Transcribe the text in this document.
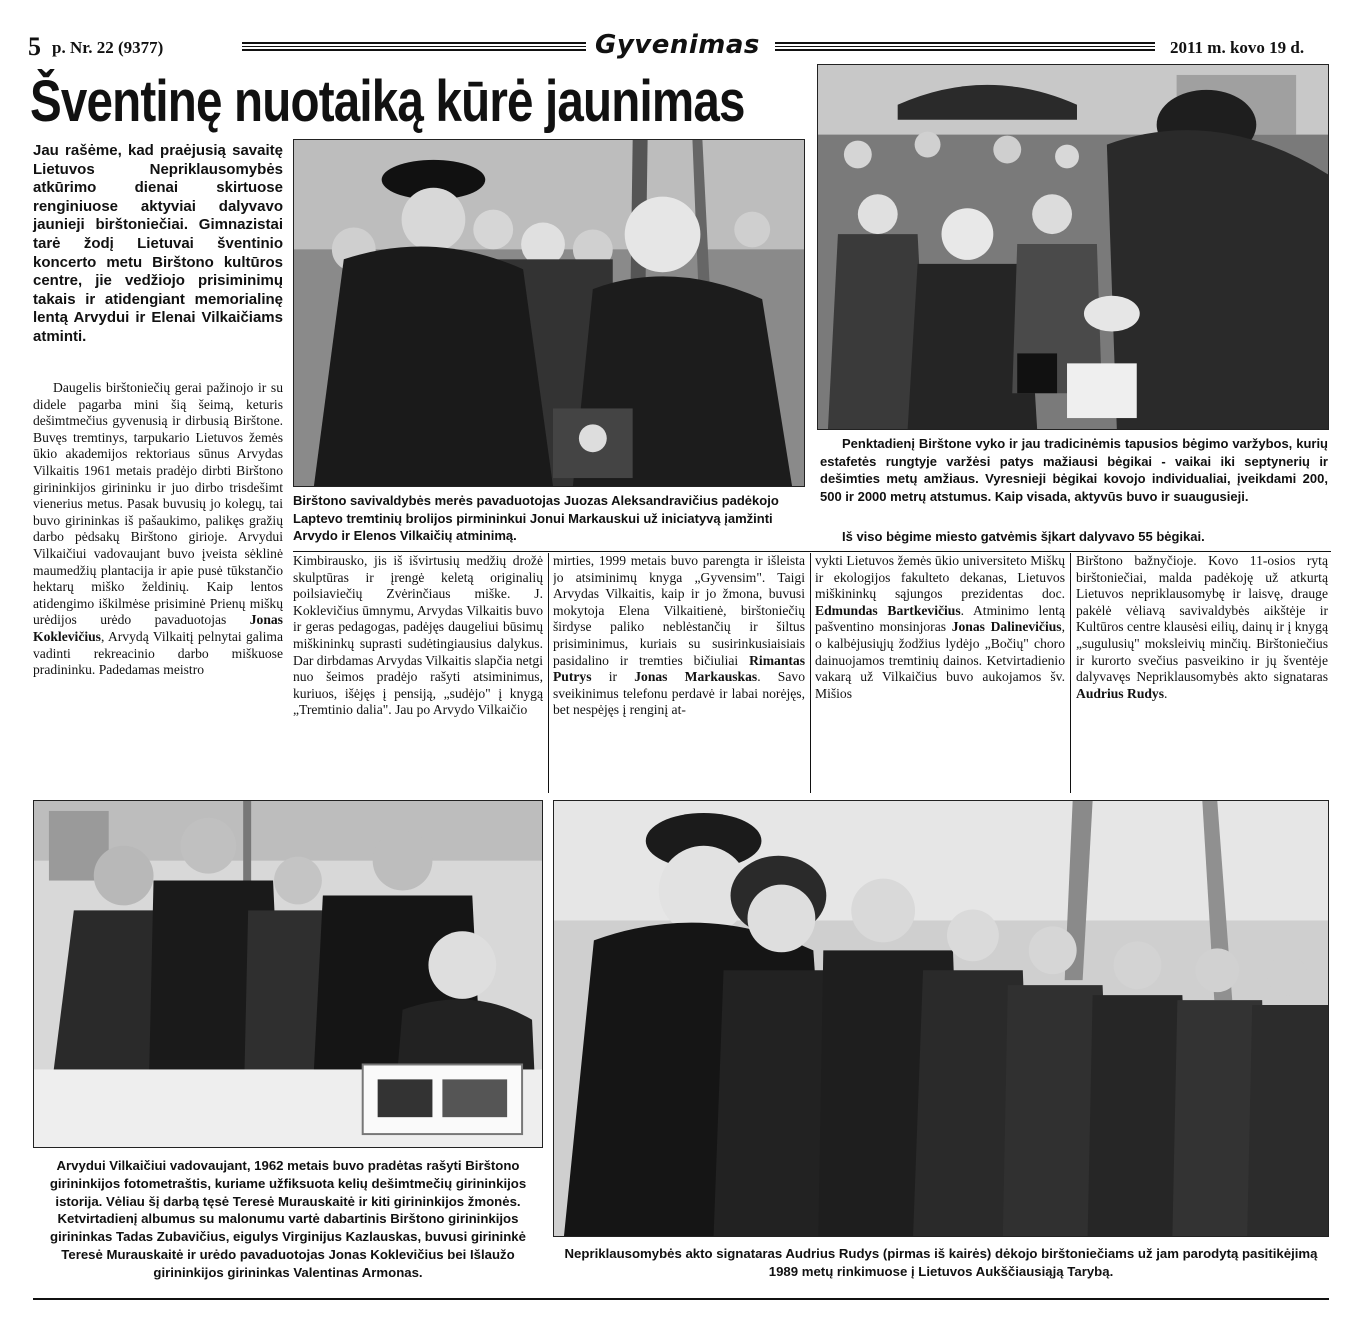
5 p. Nr. 22 (9377)	Gyvenimas	2011 m. kovo 19 d.
Šventinę nuotaiką kūrė jaunimas
Jau rašėme, kad praėjusią savaitę Lietuvos Nepriklausomybės atkūrimo dienai skirtuose renginiuose aktyviai dalyvavo jaunieji birštoniečiai. Gimnazistai tarė žodį Lietuvai šventinio koncerto metu Birštono kultūros centre, jie vedžiojo prisiminimų takais ir atidengiant memorialinę lentą Arvydui ir Elenai Vilkaičiams atminti.
Daugelis birštoniečių gerai pažinojo ir su didele pagarba mini šią šeimą, keturis dešimtmečius gyvenusią ir dirbusią Birštone. Buvęs tremtinys, tarpukario Lietuvos žemės ūkio akademijos rektoriaus sūnus Arvydas Vilkaitis 1961 metais pradėjo dirbti Birštono girininkijos girininku ir juo dirbo trisdešimt vienerius metus. Pasak buvusių jo kolegų, tai buvo girininkas iš pašaukimo, palikęs gražių darbo pėdsakų Birštono girioje. Arvydui Vilkaičiui vadovaujant buvo įveista sėklinė maumedžių plantacija ir apie pusė tūkstančio hektarų miško želdinių. Kaip lentos atidengimo iškilmėse prisiminė Prienų miškų urėdijos urėdo pavaduotojas Jonas Koklevičius, Arvydą Vilkaitį pelnytai galima vadinti rekreacinio darbo miškuose pradininku. Padedamas meistro
Birštono savivaldybės merės pavaduotojas Juozas Aleksandravičius padėkojo Laptevo tremtinių brolijos pirmininkui Jonui Markauskui už iniciatyvą įamžinti Arvydo ir Elenos Vilkaičių atminimą.
Penktadienį Birštone vyko ir jau tradicinėmis tapusios bėgimo varžybos, kurių estafetės rungtyje varžėsi patys mažiausi bėgikai - vaikai iki septynerių ir dešimties metų amžiaus. Vyresnieji bėgikai kovojo individualiai, įveikdami 200, 500 ir 2000 metrų atstumus. Kaip visada, aktyvūs buvo ir suaugusieji.
Iš viso bėgime miesto gatvėmis šįkart dalyvavo 55 bėgikai.
Kimbirausko, jis iš išvirtusių medžių drožė skulptūras ir įrengė keletą originalių poilsiaviečių Zvėrinčiaus miške. J. Koklevičius ūmnymu, Arvydas Vilkaitis buvo ir geras pedagogas, padėjęs daugeliui būsimų miškininkų suprasti sudėtingiausius dalykus. Dar dirbdamas Arvydas Vilkaitis slapčia netgi nuo šeimos pradėjo rašyti atsiminimus, kuriuos, išėjęs į pensiją, „sudėjo" į knygą „Tremtinio dalia". Jau po Arvydo Vilkaičio
mirties, 1999 metais buvo parengta ir išleista jo atsiminimų knyga „Gyvensim". Taigi Arvydas Vilkaitis, kaip ir jo žmona, buvusi mokytoja Elena Vilkaitienė, birštoniečių širdyse paliko neblėstančių ir šiltus prisiminimus, kuriais su susirinkusiaisiais pasidalino ir tremties bičiuliai Rimantas Putrys ir Jonas Markauskas. Savo sveikinimus telefonu perdavė ir labai norėjęs, bet nespėjęs į renginį at-
vykti Lietuvos žemės ūkio universiteto Miškų ir ekologijos fakulteto dekanas, Lietuvos miškininkų sąjungos prezidentas doc. Edmundas Bartkevičius. Atminimo lentą pašventino monsinjoras Jonas Dalinevičius, o kalbėjusiųjų žodžius lydėjo „Bočių" choro dainuojamos tremtinių dainos. Ketvirtadienio vakarą už Vilkaičius buvo aukojamos šv. Mišios
Birštono bažnyčioje. Kovo 11-osios rytą birštoniečiai, malda padėkoję už atkurtą Lietuvos nepriklausomybę ir laisvę, drauge pakėlė vėliavą savivaldybės aikštėje ir Kultūros centre klausėsi eilių, dainų ir į knygą „sugulusių" moksleivių minčių. Birštoniečius ir kurorto svečius pasveikino ir jų šventėje dalyvavęs Nepriklausomybės akto signataras Audrius Rudys.
Arvydui Vilkaičiui vadovaujant, 1962 metais buvo pradėtas rašyti Birštono girininkijos fotometraštis, kuriame užfiksuota kelių dešimtmečių girininkijos istorija. Vėliau šį darbą tęsė Teresė Murauskaitė ir kiti girininkijos žmonės. Ketvirtadienį albumus su malonumu vartė dabartinis Birštono girininkijos girininkas Tadas Zubavičius, eigulys Virginijus Kazlauskas, buvusi girininkė Teresė Murauskaitė ir urėdo pavaduotojas Jonas Koklevičius bei Išlaužo girininkijos girininkas Valentinas Armonas.
Nepriklausomybės akto signataras Audrius Rudys (pirmas iš kairės) dėkojo birštoniečiams už jam parodytą pasitikėjimą 1989 metų rinkimuose į Lietuvos Aukščiausiąją Tarybą.
